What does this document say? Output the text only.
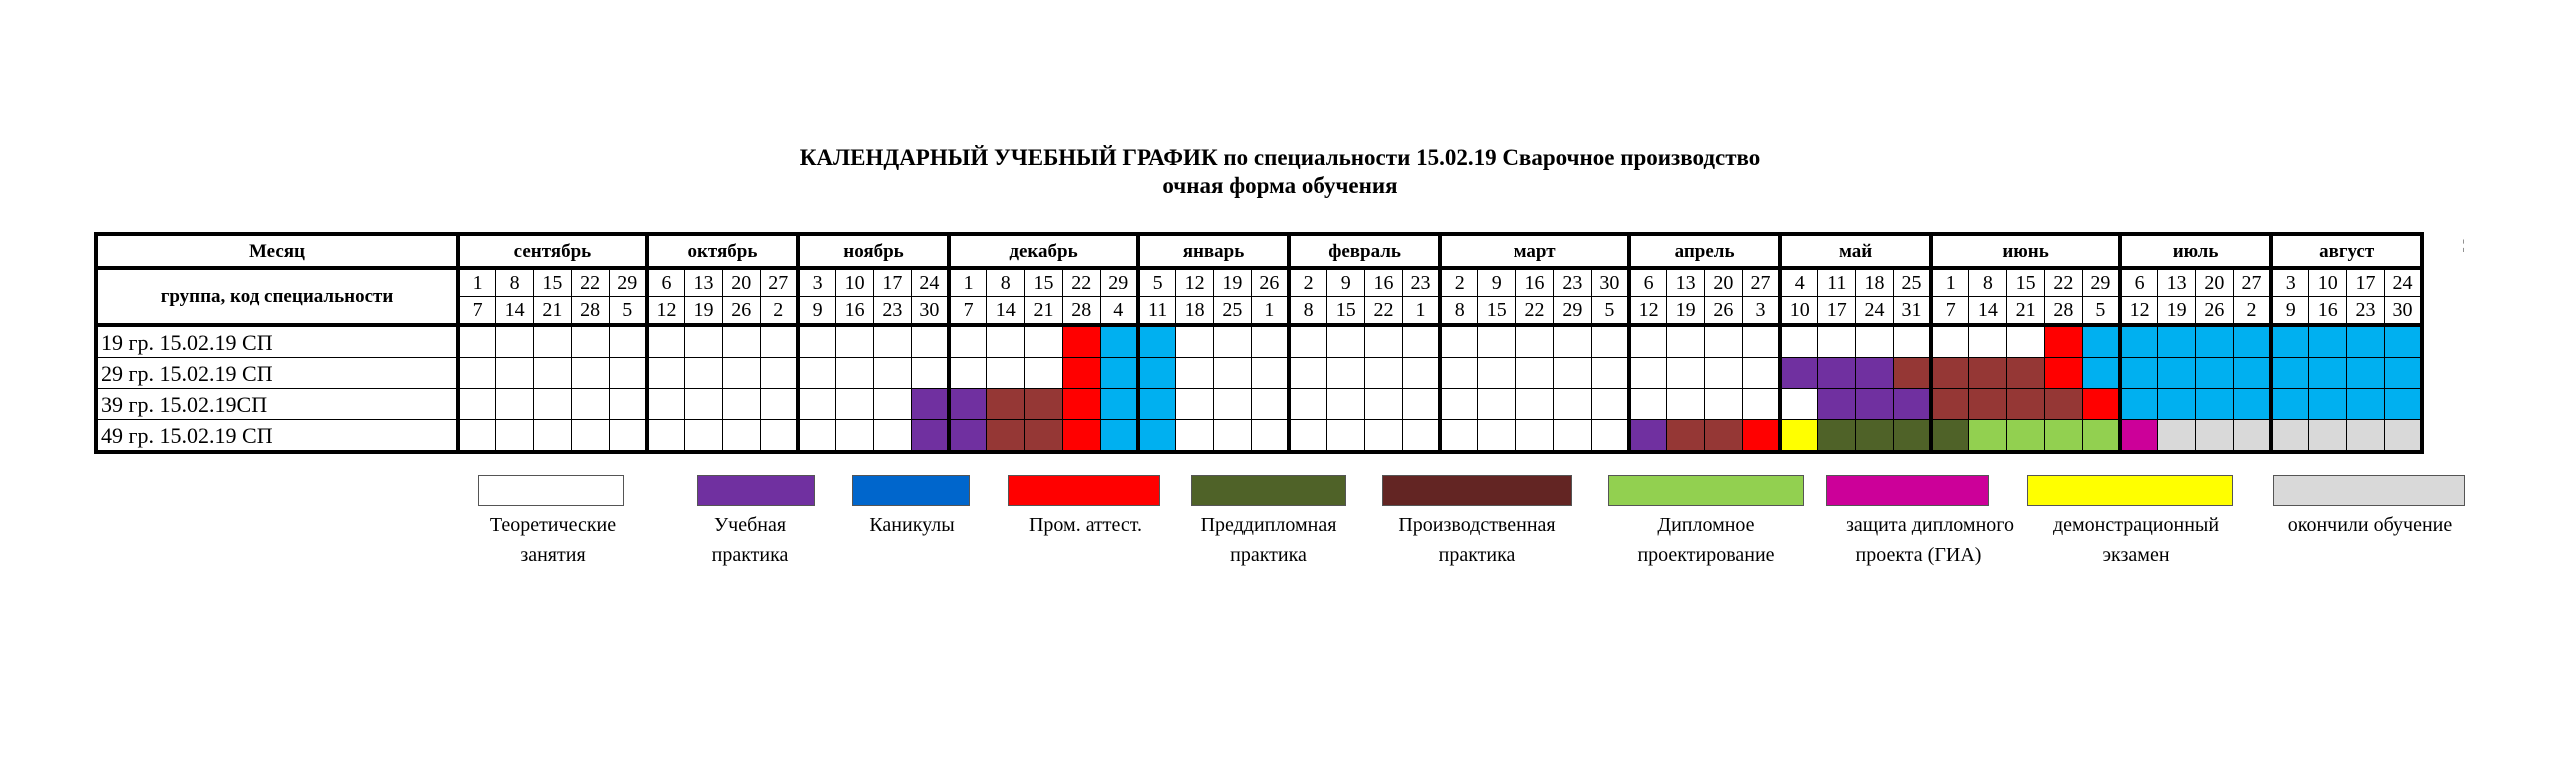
КАЛЕНДАРНЫЙ УЧЕБНЫЙ ГРАФИК по специальности 15.02.19 Сварочное производство
очная форма обучения
Месяц	сентябрь					октябрь				ноябрь				декабрь					январь				февраль				март					апрель				май				июнь					июль				август			
группа, код специальности	1	8	15	22	29	6	13	20	27	3	10	17	24	1	8	15	22	29	5	12	19	26	2	9	16	23	2	9	16	23	30	6	13	20	27	4	11	18	25	1	8	15	22	29	6	13	20	27	3	10	17	24
	7	14	21	28	5	12	19	26	2	9	16	23	30	7	14	21	28	4	11	18	25	1	8	15	22	1	8	15	22	29	5	12	19	26	3	10	17	24	31	7	14	21	28	5	12	19	26	2	9	16	23	30
19 гр. 15.02.19 СП																																																				
29 гр. 15.02.19 СП																																																				
39 гр. 15.02.19СП																																																				
49 гр. 15.02.19 СП																																																				
Теоретические
занятия
Учебная
практика
Каникулы	Пром. аттест.	Преддипломная
практика
Производственная
практика
Дипломное
проектирование
защита дипломного
проекта (ГИА)
демонстрационный
экзамен
окончили обучение
¦
